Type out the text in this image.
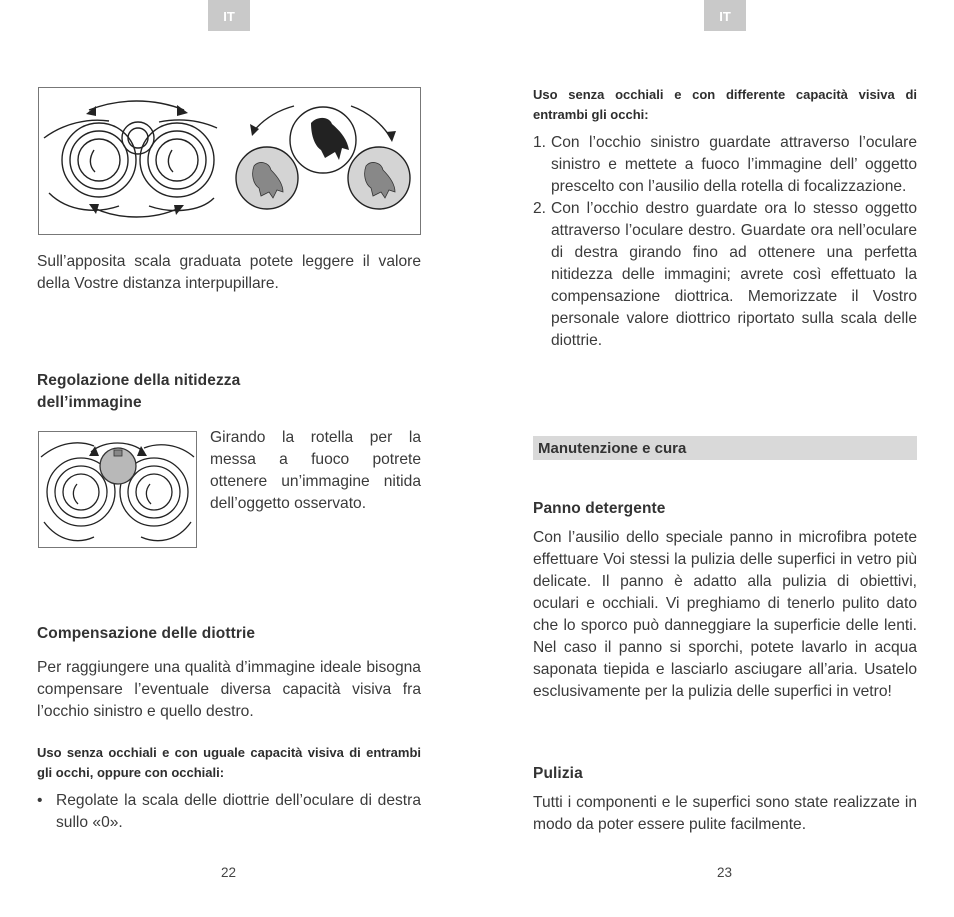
IT

Sull’apposita scala graduata potete leggere il valore della Vostre distanza interpupillare.

Regolazione della nitidezza dell’immagine

Girando la rotella per la messa a fuoco potrete ottenere un’immagine nitida dell’oggetto osservato.

Compensazione delle diottrie

Per raggiungere una qualità d’immagine ideale bisogna compensare l’eventuale diversa capacità visiva fra l’occhio sinistro e quello destro.

Uso senza occhiali e con uguale capacità visiva di entrambi gli occhi, oppure con occhiali:

• Regolate la scala delle diottrie dell’oculare di destra sullo «0».
22
IT

Uso senza occhiali e con differente capacità visiva di entrambi gli occhi:

1. Con l’occhio sinistro guardate attraverso l’oculare sinistro e mettete a fuoco l’immagine dell’ oggetto prescelto con l’ausilio della rotella di focalizzazione.
2. Con l’occhio destro guardate ora lo stesso oggetto attraverso l’oculare destro. Guardate ora nell’oculare di destra girando fino ad ottenere una perfetta nitidezza delle immagini; avrete così effettuato la compensazione diottrica. Memorizzate il Vostro personale valore diottrico riportato sulla scala delle diottrie.
Manutenzione e cura

Panno detergente

Con l’ausilio dello speciale panno in microfibra potete effettuare Voi stessi la pulizia delle superfici in vetro più delicate. Il panno è adatto alla pulizia di obiettivi, oculari e occhiali. Vi preghiamo di tenerlo pulito dato che lo sporco può danneggiare la superficie delle lenti. Nel caso il panno si sporchi, potete lavarlo in acqua saponata tiepida e lasciarlo asciugare all’aria. Usatelo esclusivamente per la pulizia delle superfici in vetro!

Pulizia

Tutti i componenti e le superfici sono state realizzate in modo da poter essere pulite facilmente.

23
